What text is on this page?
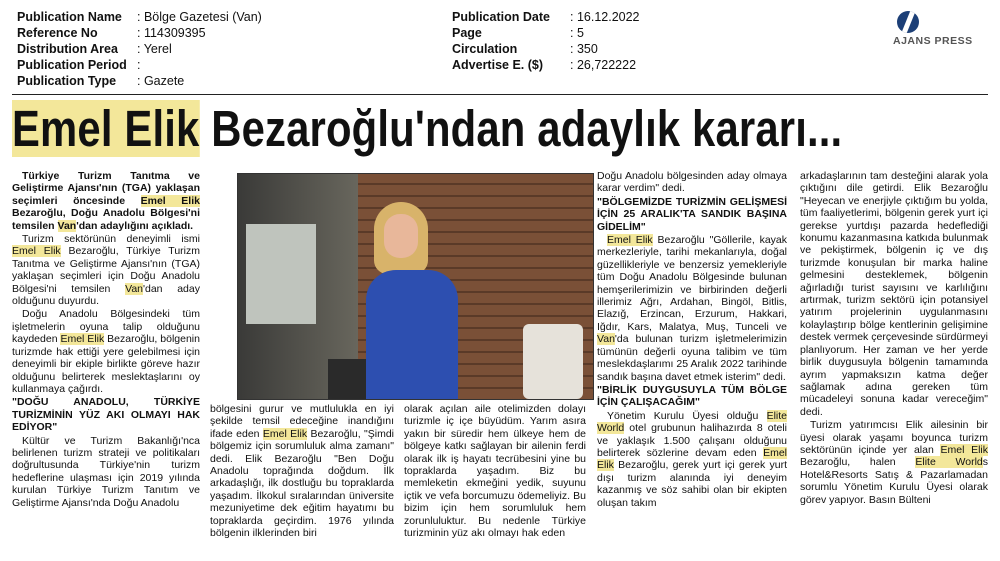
Publication Name	: Bölge Gazetesi (Van)
Reference No	: 114309395
Distribution Area	: Yerel
Publication Period :
Publication Type	: Gazete
Publication Date	: 16.12.2022
Page	: 5
Circulation	: 350
Advertise E. ($)	: 26,722222
AJANS PRESS
Emel Elik Bezaroğlu'ndan adaylık kararı...

Türkiye Turizm Tanıtma ve Geliştirme Ajansı'nın (TGA) yaklaşan seçimleri öncesinde Emel Elik Bezaroğlu, Doğu Anadolu Bölgesi'ni temsilen Van'dan adaylığını açıkladı.

Turizm sektörünün deneyimli ismi Emel Elik Bezaroğlu, Türkiye Turizm Tanıtma ve Geliştirme Ajansı'nın (TGA) yaklaşan seçimleri için Doğu Anadolu Bölgesi'ni temsilen Van'dan aday olduğunu duyurdu.

Doğu Anadolu Bölgesindeki tüm işletmelerin oyuna talip olduğunu kaydeden Emel Elik Bezaroğlu, bölgenin turizmde hak ettiği yere gelebilmesi için deneyimli bir ekiple birlikte göreve hazır olduğunu belirterek meslektaşlarını oy kullanmaya çağırdı.

"DOĞU ANADOLU, TÜRKİYE TURİZMİNİN YÜZ AKI OLMAYI HAK EDİYOR"

Kültür ve Turizm Bakanlığı'nca belirlenen turizm strateji ve politikaları doğrultusunda Türkiye'nin turizm hedeflerine ulaşması için 2019 yılında kurulan Türkiye Turizm Tanıtım ve Geliştirme Ajansı'nda Doğu Anadolu

bölgesini gurur ve mutlulukla en iyi şekilde temsil edeceğine inandığını ifade eden Emel Elik Bezaroğlu, "Şimdi bölgemiz için sorumluluk alma zamanı" dedi. Elik Bezaroğlu "Ben Doğu Anadolu toprağında doğdum. İlk arkadaşlığı, ilk dostluğu bu topraklarda yaşadım. İlkokul sıralarından üniversite mezuniyetime dek eğitim hayatımı bu topraklarda geçirdim. 1976 yılında bölgenin ilklerinden biri

olarak açılan aile otelimizden dolayı turizmle iç içe büyüdüm. Yarım asıra yakın bir süredir hem ülkeye hem de bölgeye katkı sağlayan bir ailenin ferdi olarak ilk iş hayatı tecrübesini yine bu topraklarda yaşadım. Biz bu memleketin ekmeğini yedik, suyunu içtik ve vefa borcumuzu ödemeliyiz. Bu bizim için hem sorumluluk hem zorunluluktur. Bu nedenle Türkiye turizminin yüz akı olmayı hak eden

Doğu Anadolu bölgesinden aday olmaya karar verdim" dedi.

"BÖLGEMİZDE TURİZMİN GELİŞMESİ İÇİN 25 ARALIK'TA SANDIK BAŞINA GİDELİM"

Emel Elik Bezaroğlu "Göllerile, kayak merkezleriyle, tarihi mekanlarıyla, doğal güzellikleriyle ve benzersiz yemekleriyle tüm Doğu Anadolu Bölgesinde bulunan hemşerilerimizin ve birbirinden değerli illerimiz Ağrı, Ardahan, Bingöl, Bitlis, Elazığ, Erzincan, Erzurum, Hakkari, Iğdır, Kars, Malatya, Muş, Tunceli ve Van'da bulunan turizm işletmelerimizin tümünün değerli oyuna talibim ve tüm meslekdaşlarımı 25 Aralık 2022 tarihinde sandık başına davet etmek isterim" dedi.

"BİRLİK DUYGUSUYLA TÜM BÖLGE İÇİN ÇALIŞACAĞIM"

Yönetim Kurulu Üyesi olduğu Elite World otel grubunun halihazırda 8 oteli ve yaklaşık 1.500 çalışanı olduğunu belirterek sözlerine devam eden Emel Elik Bezaroğlu, gerek yurt içi gerek yurt dışı turizm alanında iyi deneyim kazanmış ve söz sahibi olan bir ekipten oluşan takım

arkadaşlarının tam desteğini alarak yola çıktığını dile getirdi. Elik Bezaroğlu "Heyecan ve enerjiyle çıktığım bu yolda, tüm faaliyetlerimi, bölgenin gerek yurt içi gerekse yurtdışı pazarda hedeflediği konumu kazanmasına katkıda bulunmak ve pekiştirmek, bölgenin iç ve dış turizmde konuşulan bir marka haline gelmesini desteklemek, bölgenin ağırladığı turist sayısını ve karlılığını artırmak, turizm sektörü için potansiyel yatırım projelerinin uygulanmasını kolaylaştırıp bölge kentlerinin gelişimine destek vermek çerçevesinde sürdürmeyi planlıyorum. Her zaman ve her yerde birlik duygusuyla bölgenin tamamında ayrım yapmaksızın katma değer sağlamak adına gereken tüm mücadeleyi sonuna kadar vereceğim" dedi.

Turizm yatırımcısı Elik ailesinin bir üyesi olarak yaşamı boyunca turizm sektörünün içinde yer alan Emel Elik Bezaroğlu, halen Elite Worlds Hotel&Resorts Satış & Pazarlamadan sorumlu Yönetim Kurulu Üyesi olarak görev yapıyor. Basın Bülteni
